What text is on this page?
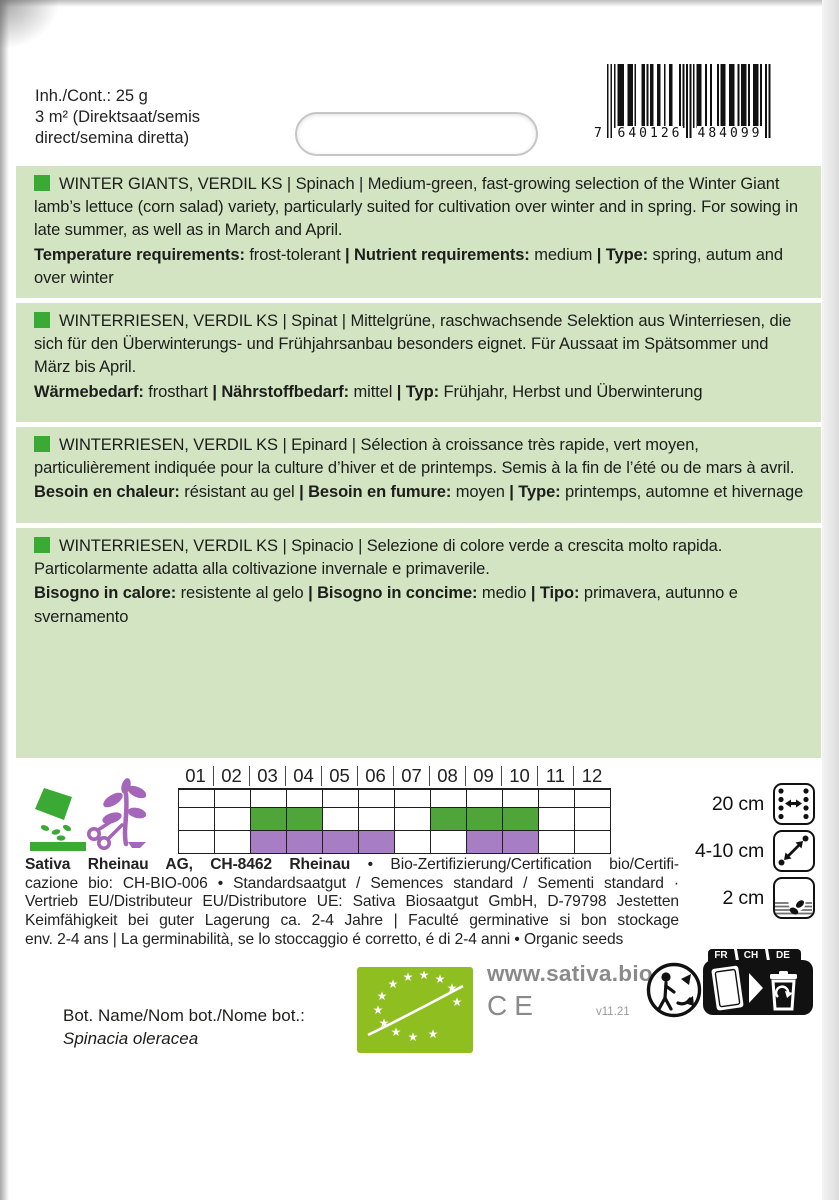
Inh./Cont.: 25 g
3 m² (Direktsaat/semis direct/semina diretta)	7 640126 484099

WINTER GIANTS, VERDIL KS | Spinach | Medium-green, fast-growing selection of the Winter Giant lamb’s lettuce (corn salad) variety, particularly suited for cultivation over winter and in spring. For sowing in late summer, as well as in March and April.

Temperature requirements: frost-tolerant | Nutrient requirements: medium | Type: spring, autum and over winter

WINTERRIESEN, VERDIL KS | Spinat | Mittelgrüne, raschwachsende Selektion aus Winterriesen, die sich für den Überwinterungs- und Frühjahrsanbau besonders eignet. Für Aussaat im Spätsommer und März bis April.

Wärmebedarf: frosthart | Nährstoffbedarf: mittel | Typ: Frühjahr, Herbst und Überwinterung

WINTERRIESEN, VERDIL KS | Epinard | Sélection à croissance très rapide, vert moyen, particulièrement indiquée pour la culture d’hiver et de printemps. Semis à la fin de l’été ou de mars à avril.

Besoin en chaleur: résistant au gel | Besoin en fumure: moyen | Type: printemps, automne et hivernage

WINTERRIESEN, VERDIL KS | Spinacio | Selezione di colore verde a crescita molto rapida. Particolarmente adatta alla coltivazione invernale e primaverile.

Bisogno in calore: resistente al gelo | Bisogno in concime: medio | Tipo: primavera, autunno e svernamento

01 02 03 04 05 06 07 08 09 10 11 12
20 cm
4-10 cm
2 cm
Sativa Rheinau AG, CH-8462 Rheinau • Bio-Zertifizierung/Certification bio/Certifi-
cazione bio: CH-BIO-006 • Standardsaatgut / Semences standard / Sementi standard ·
Vertrieb EU/Distributeur EU/Distributore UE: Sativa Biosaatgut GmbH, D-79798 Jestetten
Keimfähigkeit bei guter Lagerung ca. 2-4 Jahre | Faculté germinative si bon stockage
env. 2-4 ans | La germinabilità, se lo stoccaggio é corretto, é di 2-4 anni • Organic seeds
Bot. Name/Nom bot./Nome bot.:
Spinacia oleracea
★
★
★
★
★
★
★
★
★
★ ★ ★
www.sativa.bio
CE	v11.21
FR CH DE
